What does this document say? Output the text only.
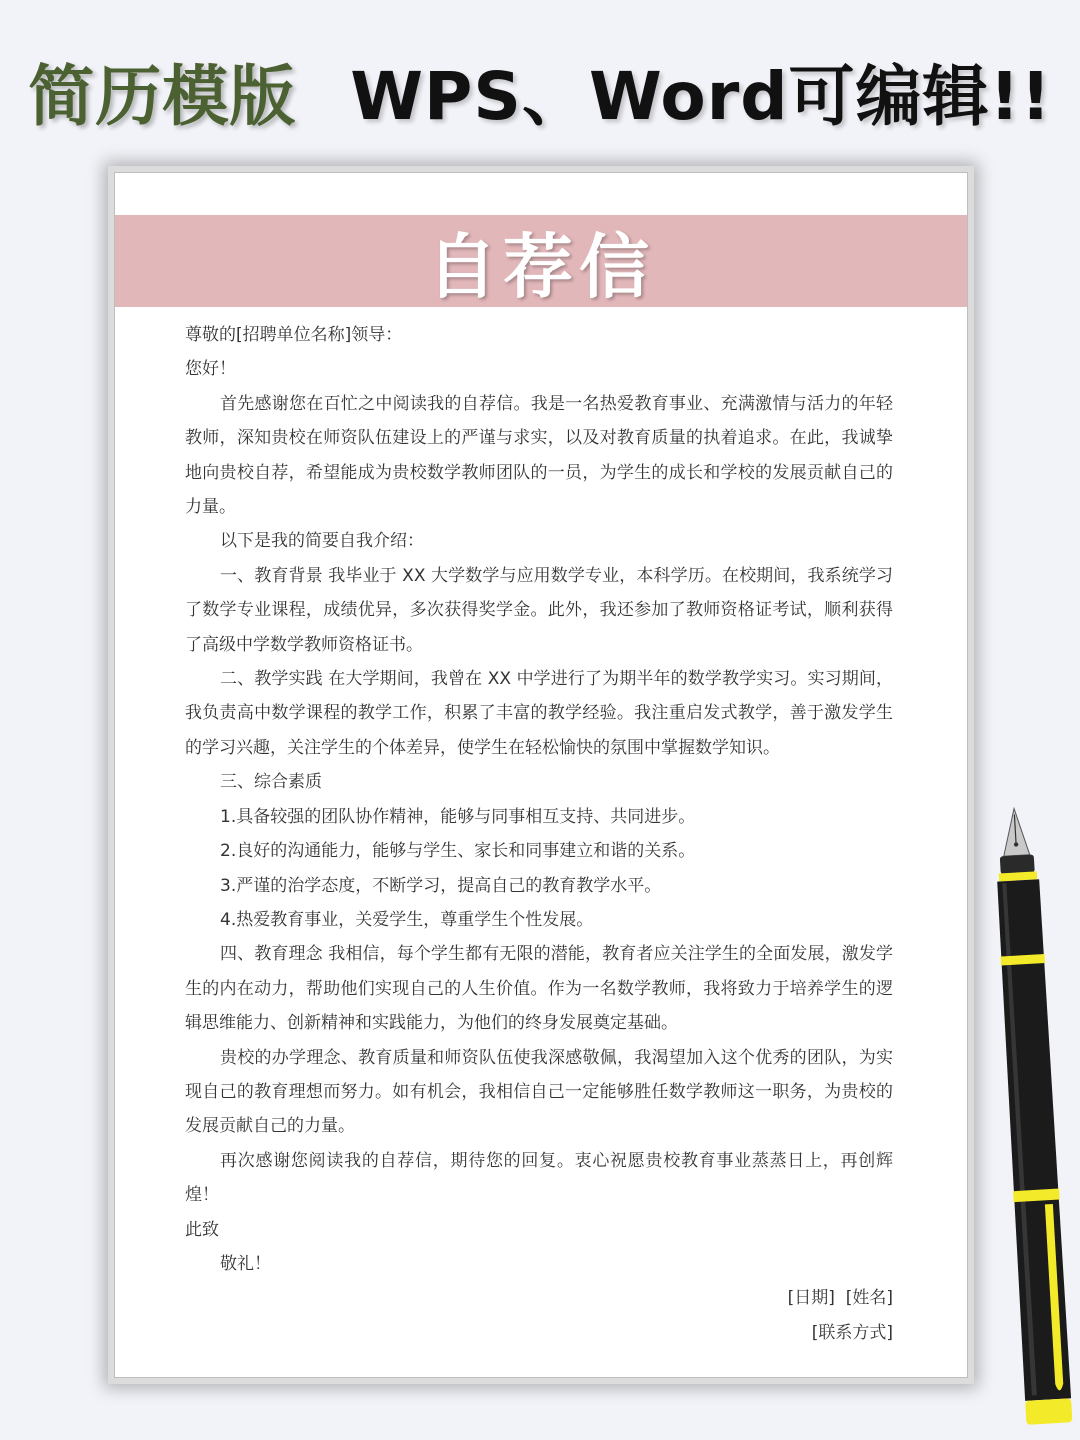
简历模版 WPS、Word可编辑!!
自荐信

尊敬的[招聘单位名称]领导：

您好！

首先感谢您在百忙之中阅读我的自荐信。我是一名热爱教育事业、充满激情与活力的年轻教师，深知贵校在师资队伍建设上的严谨与求实，以及对教育质量的执着追求。在此，我诚挚地向贵校自荐，希望能成为贵校数学教师团队的一员，为学生的成长和学校的发展贡献自己的力量。

以下是我的简要自我介绍：

一、教育背景 我毕业于 XX 大学数学与应用数学专业，本科学历。在校期间，我系统学习了数学专业课程，成绩优异，多次获得奖学金。此外，我还参加了教师资格证考试，顺利获得了高级中学数学教师资格证书。

二、教学实践 在大学期间，我曾在 XX 中学进行了为期半年的数学教学实习。实习期间，我负责高中数学课程的教学工作，积累了丰富的教学经验。我注重启发式教学，善于激发学生的学习兴趣，关注学生的个体差异，使学生在轻松愉快的氛围中掌握数学知识。

三、综合素质

1.具备较强的团队协作精神，能够与同事相互支持、共同进步。

2.良好的沟通能力，能够与学生、家长和同事建立和谐的关系。

3.严谨的治学态度，不断学习，提高自己的教育教学水平。

4.热爱教育事业，关爱学生，尊重学生个性发展。

四、教育理念 我相信，每个学生都有无限的潜能，教育者应关注学生的全面发展，激发学生的内在动力，帮助他们实现自己的人生价值。作为一名数学教师，我将致力于培养学生的逻辑思维能力、创新精神和实践能力，为他们的终身发展奠定基础。

贵校的办学理念、教育质量和师资队伍使我深感敬佩，我渴望加入这个优秀的团队，为实现自己的教育理想而努力。如有机会，我相信自己一定能够胜任数学教师这一职务，为贵校的发展贡献自己的力量。

再次感谢您阅读我的自荐信，期待您的回复。衷心祝愿贵校教育事业蒸蒸日上，再创辉煌！

此致

敬礼！

[日期]  [姓名]

[联系方式]
